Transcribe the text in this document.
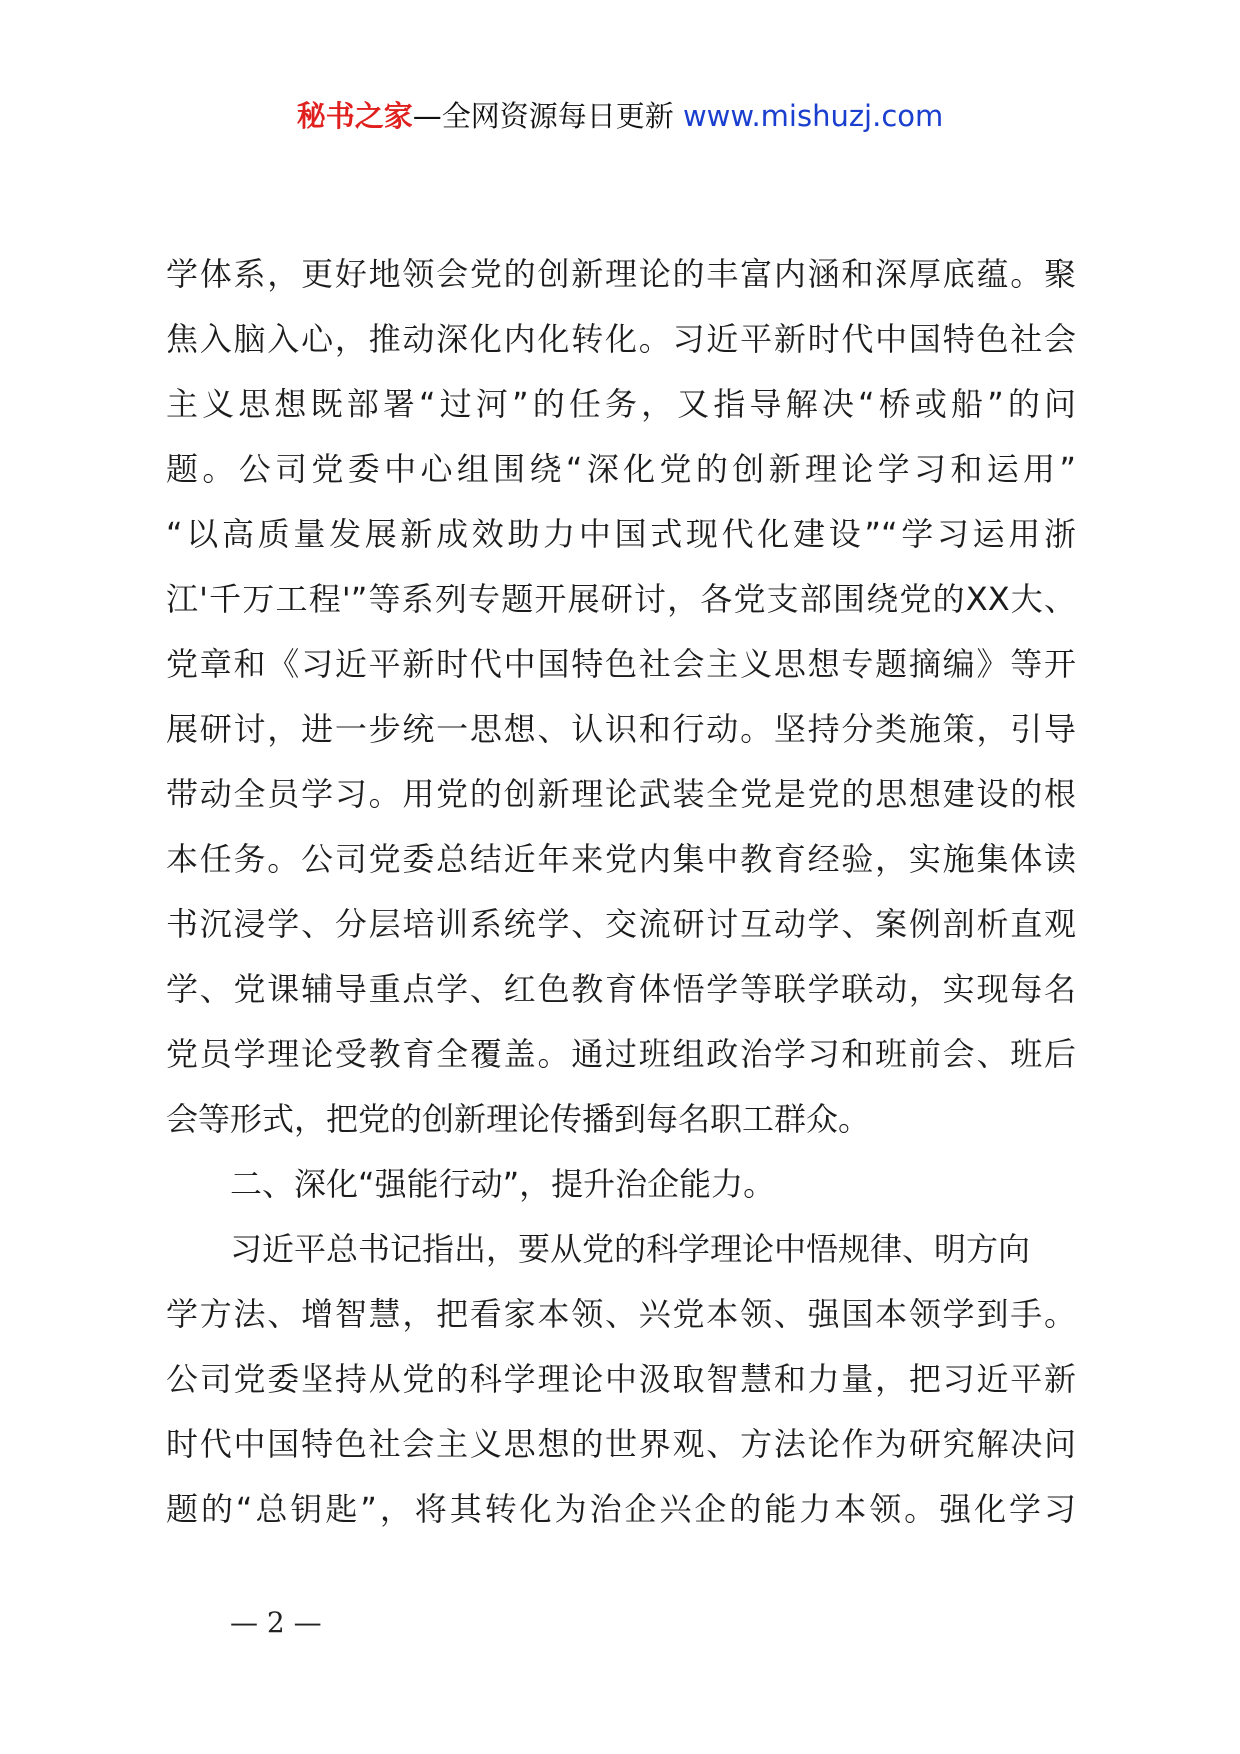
秘书之家—全网资源每日更新 www.mishuzj.com
学体系，更好地领会党的创新理论的丰富内涵和深厚底蕴。聚
焦入脑入心，推动深化内化转化。习近平新时代中国特色社会
主义思想既部署“过河”的任务，又指导解决“桥或船”的问
题。公司党委中心组围绕“深化党的创新理论学习和运用”
“以高质量发展新成效助力中国式现代化建设”“学习运用浙
江'千万工程'”等系列专题开展研讨，各党支部围绕党的XX大、
党章和《习近平新时代中国特色社会主义思想专题摘编》等开
展研讨，进一步统一思想、认识和行动。坚持分类施策，引导
带动全员学习。用党的创新理论武装全党是党的思想建设的根
本任务。公司党委总结近年来党内集中教育经验，实施集体读
书沉浸学、分层培训系统学、交流研讨互动学、案例剖析直观
学、党课辅导重点学、红色教育体悟学等联学联动，实现每名
党员学理论受教育全覆盖。通过班组政治学习和班前会、班后
会等形式，把党的创新理论传播到每名职工群众。
二、深化“强能行动”，提升治企能力。
习近平总书记指出，要从党的科学理论中悟规律、明方向
学方法、增智慧，把看家本领、兴党本领、强国本领学到手。
公司党委坚持从党的科学理论中汲取智慧和力量，把习近平新
时代中国特色社会主义思想的世界观、方法论作为研究解决问
题的“总钥匙”，将其转化为治企兴企的能力本领。强化学习
— 2 —
